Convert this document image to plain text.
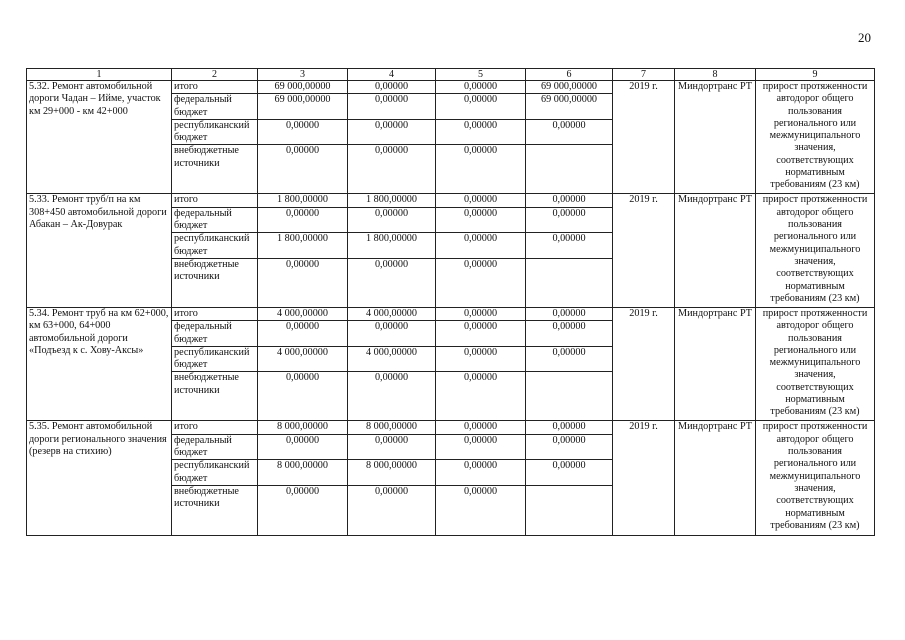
20
1	2	3	4	5	6	7	8	9
5.32. Ремонт автомобильной дороги Чадан – Ийме, участок км 29+000 - км 42+000	итого	69 000,00000	0,00000	0,00000	69 000,00000	2019 г.	Миндортранс РТ	прирост протяженности автодорог общего пользования регионального или межмуниципального значения, соответствующих нормативным требованиям (23 км)
	федеральный бюджет	69 000,00000	0,00000	0,00000	69 000,00000			
	республиканский бюджет	0,00000	0,00000	0,00000	0,00000			
	внебюджетные источники	0,00000	0,00000	0,00000				
5.33. Ремонт труб/п на км 308+450 автомобильной дороги Абакан – Ак-Довурак	итого	1 800,00000	1 800,00000	0,00000	0,00000	2019 г.	Миндортранс РТ	прирост протяженности автодорог общего пользования регионального или межмуниципального значения, соответствующих нормативным требованиям (23 км)
	федеральный бюджет	0,00000	0,00000	0,00000	0,00000			
	республиканский бюджет	1 800,00000	1 800,00000	0,00000	0,00000			
	внебюджетные источники	0,00000	0,00000	0,00000				
5.34. Ремонт труб на км 62+000, км 63+000, 64+000 автомобильной дороги «Подъезд к с. Хову-Аксы»	итого	4 000,00000	4 000,00000	0,00000	0,00000	2019 г.	Миндортранс РТ	прирост протяженности автодорог общего пользования регионального или межмуниципального значения, соответствующих нормативным требованиям (23 км)
	федеральный бюджет	0,00000	0,00000	0,00000	0,00000			
	республиканский бюджет	4 000,00000	4 000,00000	0,00000	0,00000			
	внебюджетные источники	0,00000	0,00000	0,00000				
5.35. Ремонт автомобильной дороги регионального значения (резерв на стихию)	итого	8 000,00000	8 000,00000	0,00000	0,00000	2019 г.	Миндортранс РТ	прирост протяженности автодорог общего пользования регионального или межмуниципального значения, соответствующих нормативным требованиям (23 км)
	федеральный бюджет	0,00000	0,00000	0,00000	0,00000			
	республиканский бюджет	8 000,00000	8 000,00000	0,00000	0,00000			
	внебюджетные источники	0,00000	0,00000	0,00000				
